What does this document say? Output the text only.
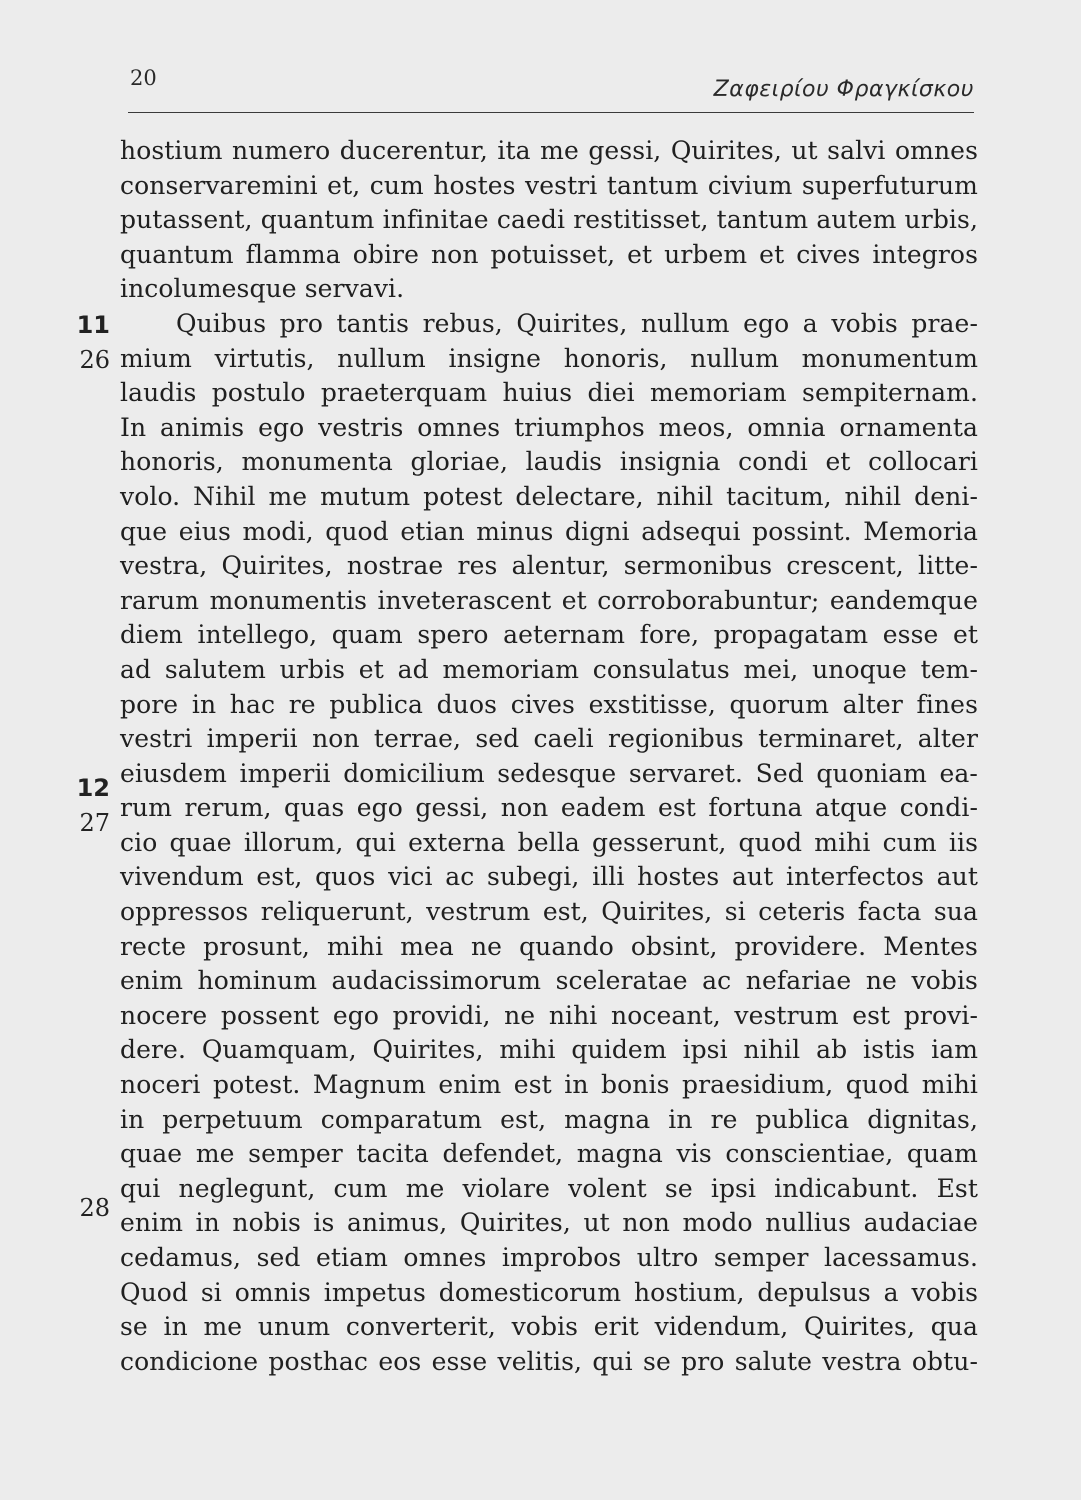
20	Ζαφειρίου Φραγκίσκου
11
26
12
27
28
hostium numero ducerentur, ita me gessi, Quirites, ut salvi omnes
conservaremini et, cum hostes vestri tantum civium superfuturum
putassent, quantum infinitae caedi restitisset, tantum autem urbis,
quantum flamma obire non potuisset, et urbem et cives integros
incolumesque servavi.
Quibus pro tantis rebus, Quirites, nullum ego a vobis prae-
mium virtutis, nullum insigne honoris, nullum monumentum
laudis postulo praeterquam huius diei memoriam sempiternam.
In animis ego vestris omnes triumphos meos, omnia ornamenta
honoris, monumenta gloriae, laudis insignia condi et collocari
volo. Nihil me mutum potest delectare, nihil tacitum, nihil deni-
que eius modi, quod etian minus digni adsequi possint. Memoria
vestra, Quirites, nostrae res alentur, sermonibus crescent, litte-
rarum monumentis inveterascent et corroborabuntur; eandemque
diem intellego, quam spero aeternam fore, propagatam esse et
ad salutem urbis et ad memoriam consulatus mei, unoque tem-
pore in hac re publica duos cives exstitisse, quorum alter fines
vestri imperii non terrae, sed caeli regionibus terminaret, alter
eiusdem imperii domicilium sedesque servaret. Sed quoniam ea-
rum rerum, quas ego gessi, non eadem est fortuna atque condi-
cio quae illorum, qui externa bella gesserunt, quod mihi cum iis
vivendum est, quos vici ac subegi, illi hostes aut interfectos aut
oppressos reliquerunt, vestrum est, Quirites, si ceteris facta sua
recte prosunt, mihi mea ne quando obsint, providere. Mentes
enim hominum audacissimorum sceleratae ac nefariae ne vobis
nocere possent ego providi, ne nihi noceant, vestrum est provi-
dere. Quamquam, Quirites, mihi quidem ipsi nihil ab istis iam
noceri potest. Magnum enim est in bonis praesidium, quod mihi
in perpetuum comparatum est, magna in re publica dignitas,
quae me semper tacita defendet, magna vis conscientiae, quam
qui neglegunt, cum me violare volent se ipsi indicabunt. Est
enim in nobis is animus, Quirites, ut non modo nullius audaciae
cedamus, sed etiam omnes improbos ultro semper lacessamus.
Quod si omnis impetus domesticorum hostium, depulsus a vobis
se in me unum converterit, vobis erit videndum, Quirites, qua
condicione posthac eos esse velitis, qui se pro salute vestra obtu-
